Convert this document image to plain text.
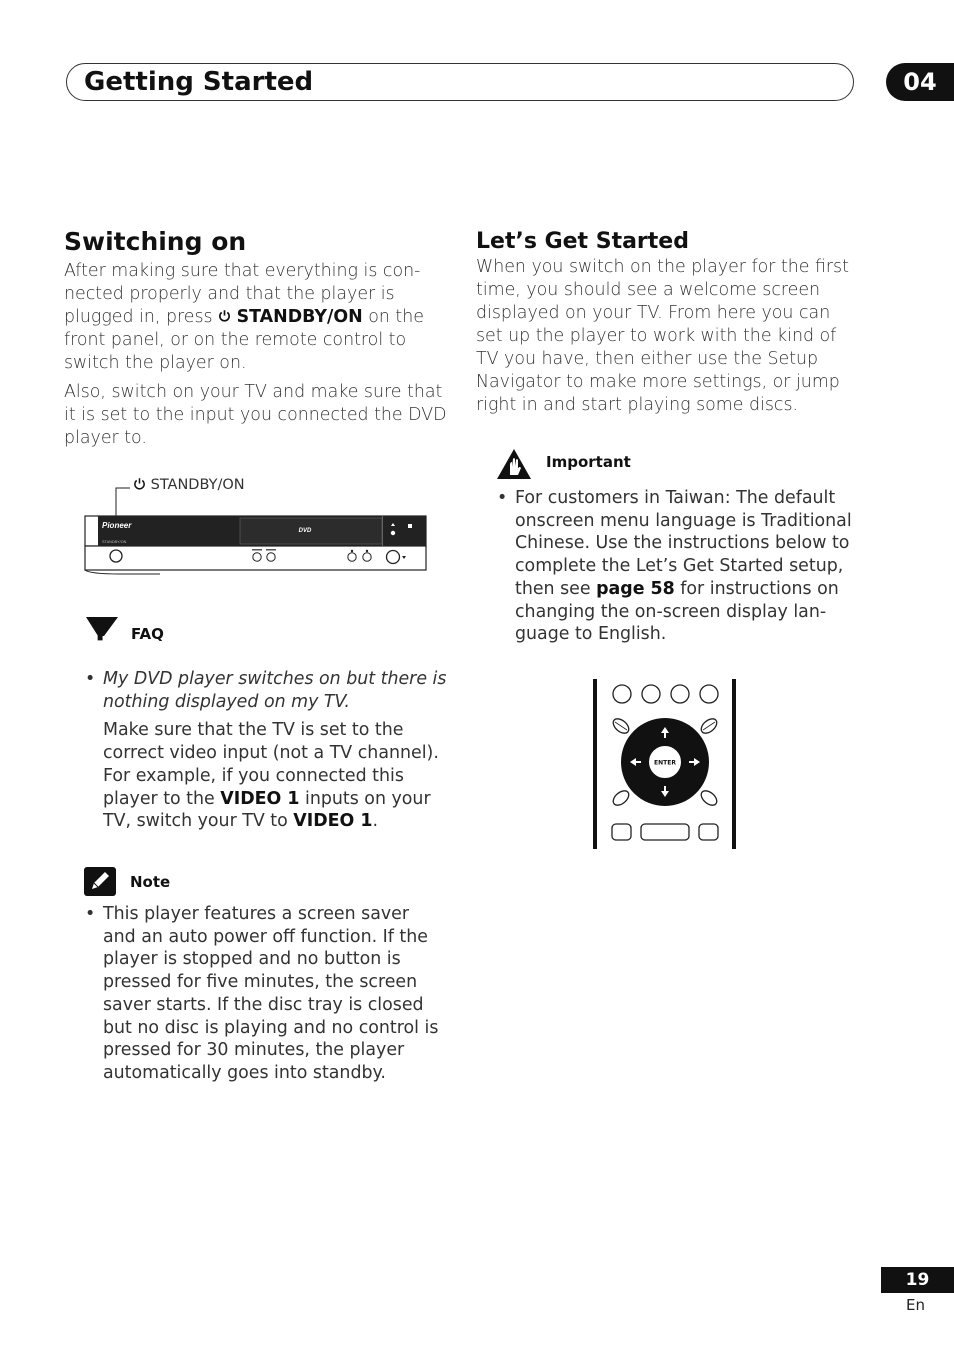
Getting Started	04
Switching on

After making sure that everything is connected properly and that the player is plugged in, press  STANDBY/ON on the front panel, or on the remote control to switch the player on.

Also, switch on your TV and make sure that it is set to the input you connected the DVD player to.

STANDBY/ON
Pioneer
STANDBY/ON
DVD
? FAQ
• My DVD player switches on but there is nothing displayed on my TV.
Make sure that the TV is set to the correct video input (not a TV channel). For example, if you connected this player to the VIDEO 1 inputs on your TV, switch your TV to VIDEO 1.
Note
• This player features a screen saver and an auto power off function. If the player is stopped and no button is pressed for five minutes, the screen saver starts. If the disc tray is closed but no disc is playing and no control is pressed for 30 minutes, the player automatically goes into standby.
Let’s Get Started

When you switch on the player for the first time, you should see a welcome screen displayed on your TV. From here you can set up the player to work with the kind of TV you have, then either use the Setup Navigator to make more settings, or jump right in and start playing some discs.

Important
• For customers in Taiwan: The default onscreen menu language is Traditional Chinese. Use the instructions below to complete the Let’s Get Started setup, then see page 58 for instructions on changing the on-screen display language to English.
ENTER
19
En
